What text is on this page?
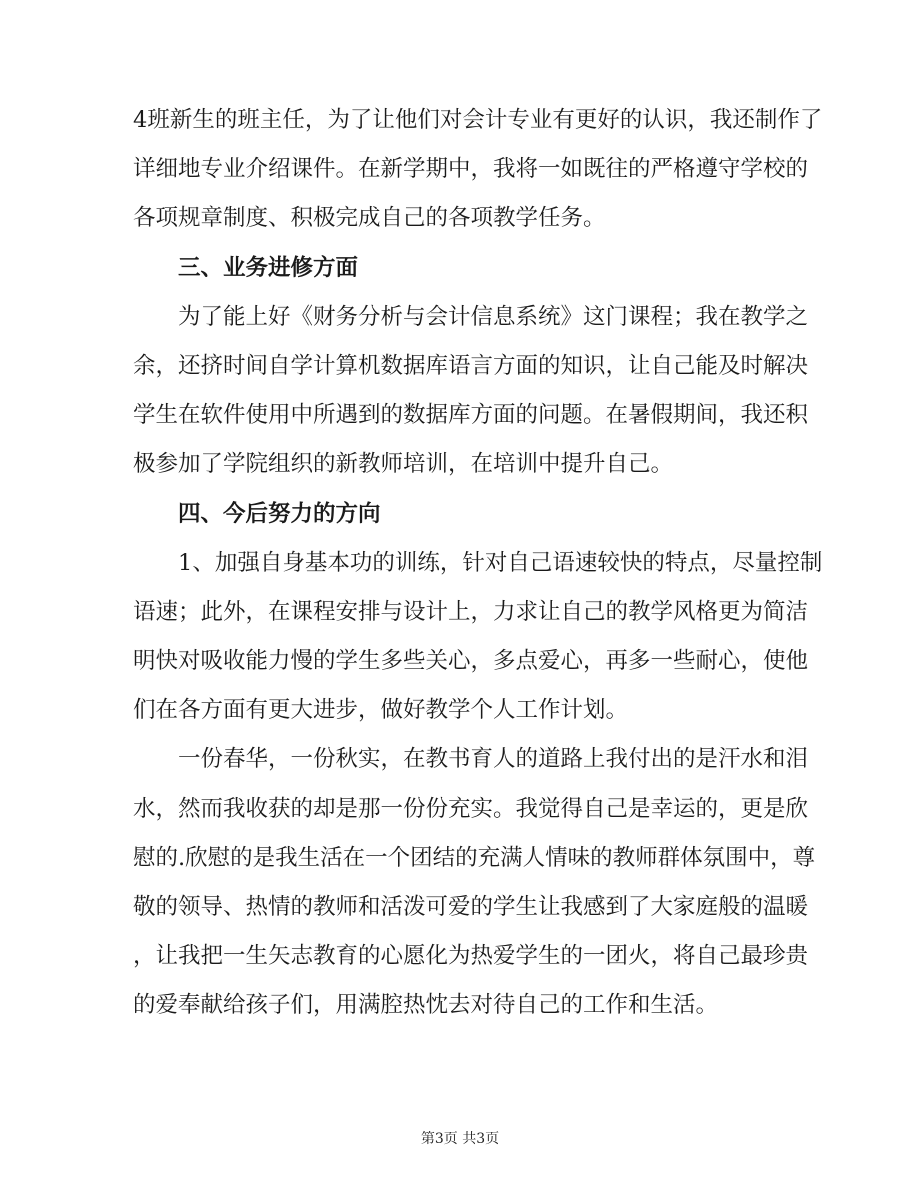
4班新生的班主任，为了让他们对会计专业有更好的认识，我还制作了
详细地专业介绍课件。在新学期中，我将一如既往的严格遵守学校的
各项规章制度、积极完成自己的各项教学任务。
三、业务进修方面
为了能上好《财务分析与会计信息系统》这门课程；我在教学之
余，还挤时间自学计算机数据库语言方面的知识，让自己能及时解决
学生在软件使用中所遇到的数据库方面的问题。在暑假期间，我还积
极参加了学院组织的新教师培训，在培训中提升自己。
四、今后努力的方向
1、加强自身基本功的训练，针对自己语速较快的特点，尽量控制
语速；此外，在课程安排与设计上，力求让自己的教学风格更为简洁
明快对吸收能力慢的学生多些关心，多点爱心，再多一些耐心，使他
们在各方面有更大进步，做好教学个人工作计划。
一份春华，一份秋实，在教书育人的道路上我付出的是汗水和泪
水，然而我收获的却是那一份份充实。我觉得自己是幸运的，更是欣
慰的.欣慰的是我生活在一个团结的充满人情味的教师群体氛围中，尊
敬的领导、热情的教师和活泼可爱的学生让我感到了大家庭般的温暖
，让我把一生矢志教育的心愿化为热爱学生的一团火，将自己最珍贵
的爱奉献给孩子们，用满腔热忱去对待自己的工作和生活。
第3页 共3页
